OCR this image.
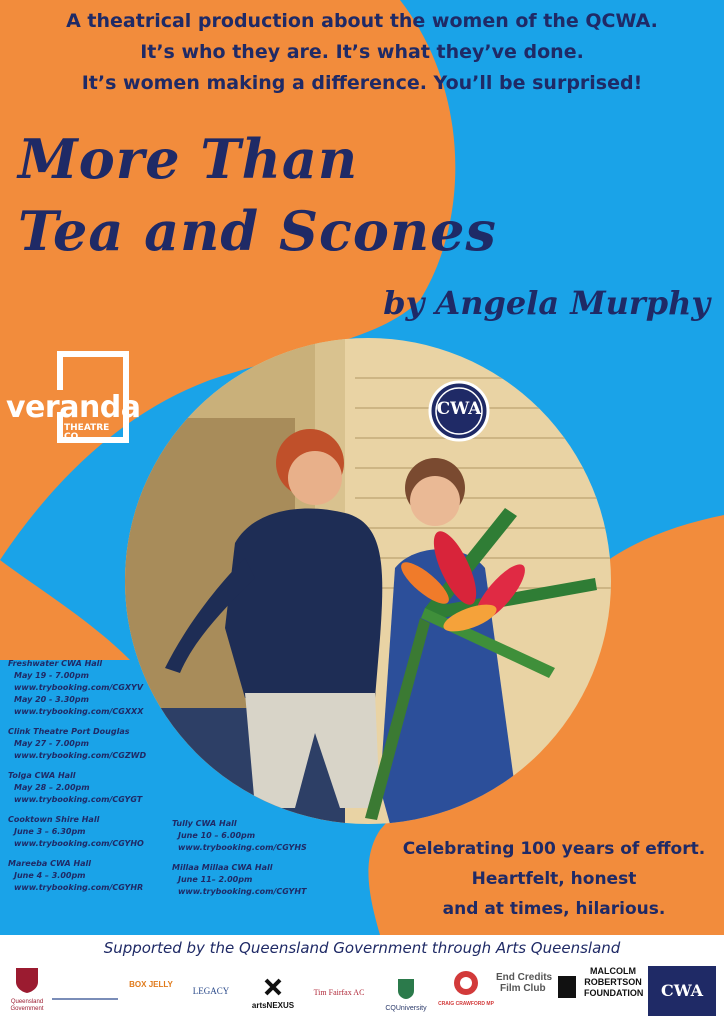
A theatrical production about the women of the QCWA.
It’s who they are. It’s what they’ve done.
It’s women making a difference. You’ll be surprised!
More Than
Tea and Scones
by Angela Murphy
veranda
THEATRE
CO
CWA
Freshwater CWA Hall
May 19 - 7.00pm
www.trybooking.com/CGXYV
May 20 - 3.30pm
www.trybooking.com/CGXXX
Clink Theatre Port Douglas
May 27 - 7.00pm
www.trybooking.com/CGZWD
Tolga CWA Hall
May 28 – 2.00pm
www.trybooking.com/CGYGT
Cooktown Shire Hall
June 3 – 6.30pm
www.trybooking.com/CGYHO
Mareeba CWA Hall
June 4 – 3.00pm
www.trybooking.com/CGYHR
Tully CWA Hall
June 10 – 6.00pm
www.trybooking.com/CGYHS
Millaa Millaa CWA Hall
June 11– 2.00pm
www.trybooking.com/CGYHT
Celebrating 100 years of effort.
Heartfelt, honest
and at times, hilarious.
Supported by the Queensland Government through Arts Queensland
Queensland
Government
BOX JELLY
LEGACY
artsNEXUS
Tim Fairfax AC
CQUniversity
CRAIG CRAWFORD MP
End Credits
Film Club
MALCOLM
ROBERTSON
FOUNDATION	CWA
